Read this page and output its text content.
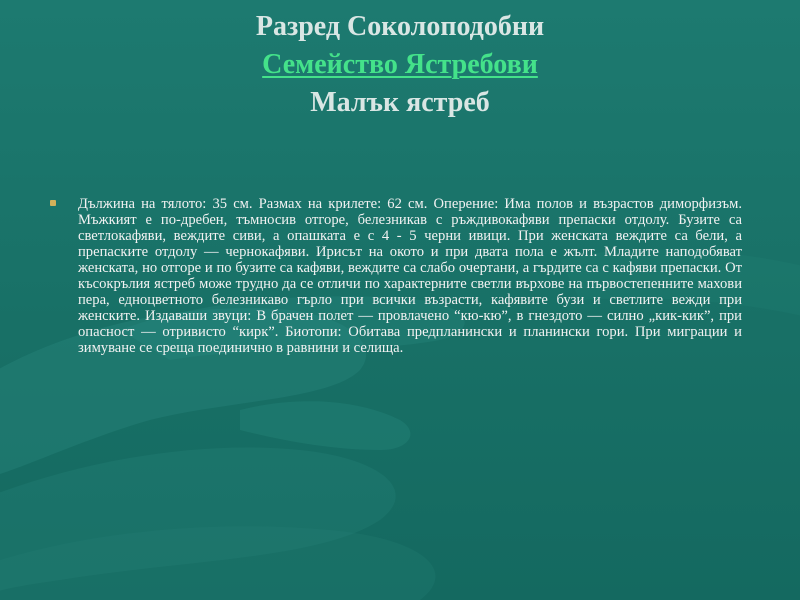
Разред Соколоподобни
Семейство Ястребови
Малък ястреб
Дължина на тялото: 35 см. Размах на крилете: 62 см. Оперение: Има полов и възрастов диморфизъм. Мъжкият е по-дребен, тъмносив отгоре, белезникав с ръждивокафяви препаски отдолу. Бузите са светлокафяви, веждите сиви, а опашката е с 4 - 5 черни ивици. При женската веждите са бели, а препаските отдолу — чернокафяви. Ирисът на окото и при двата пола е жълт. Младите наподобяват женската, но отгоре и по бузите са кафяви, веждите са слабо очертани, а гърдите са с кафяви препаски. От късокрълия ястреб може трудно да се отличи по характерните светли върхове на първостепенните махови пера, едноцветното белезникаво гърло при всички възрасти, кафявите бузи и светлите вежди при женските. Издаваши звуци: В брачен полет — провлачено “кю-кю”, в гнездото — силно „кик-кик”, при опасност — отривисто “кирк”. Биотопи: Обитава предпланински и планински гори. При миграции и зимуване се среща поединично в равнини и селища.
